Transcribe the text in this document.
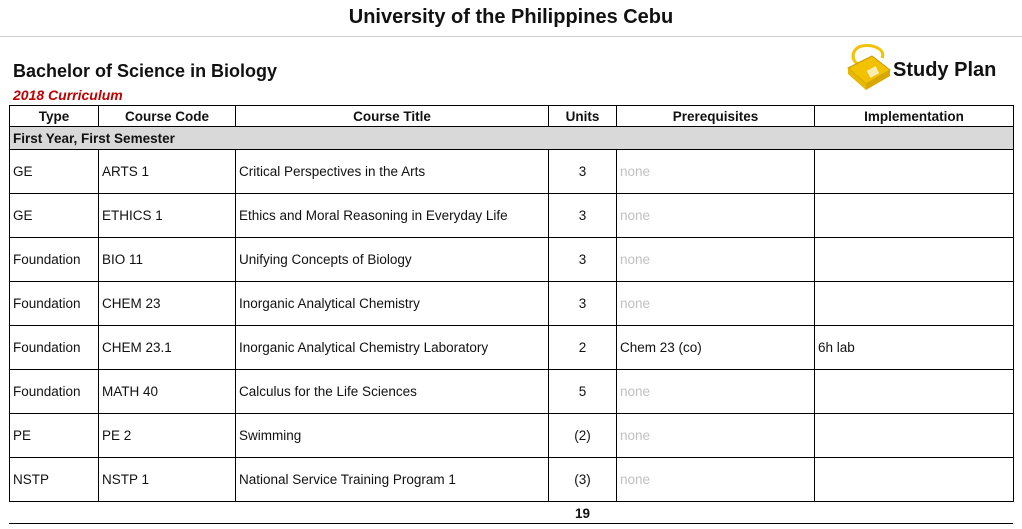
University of the Philippines Cebu
Bachelor of Science in Biology
2018 Curriculum
Study Plan
Type	Course Code	Course Title	Units	Prerequisites	Implementation
First Year, First Semester					
GE	ARTS 1	Critical Perspectives in the Arts	3	none	
GE	ETHICS 1	Ethics and Moral Reasoning in Everyday Life	3	none	
Foundation	BIO 11	Unifying Concepts of Biology	3	none	
Foundation	CHEM 23	Inorganic Analytical Chemistry	3	none	
Foundation	CHEM 23.1	Inorganic Analytical Chemistry Laboratory	2	Chem 23 (co)	6h lab
Foundation	MATH 40	Calculus for the Life Sciences	5	none	
PE	PE 2	Swimming	(2)	none	
NSTP	NSTP 1	National Service Training Program 1	(3)	none	
			19		
